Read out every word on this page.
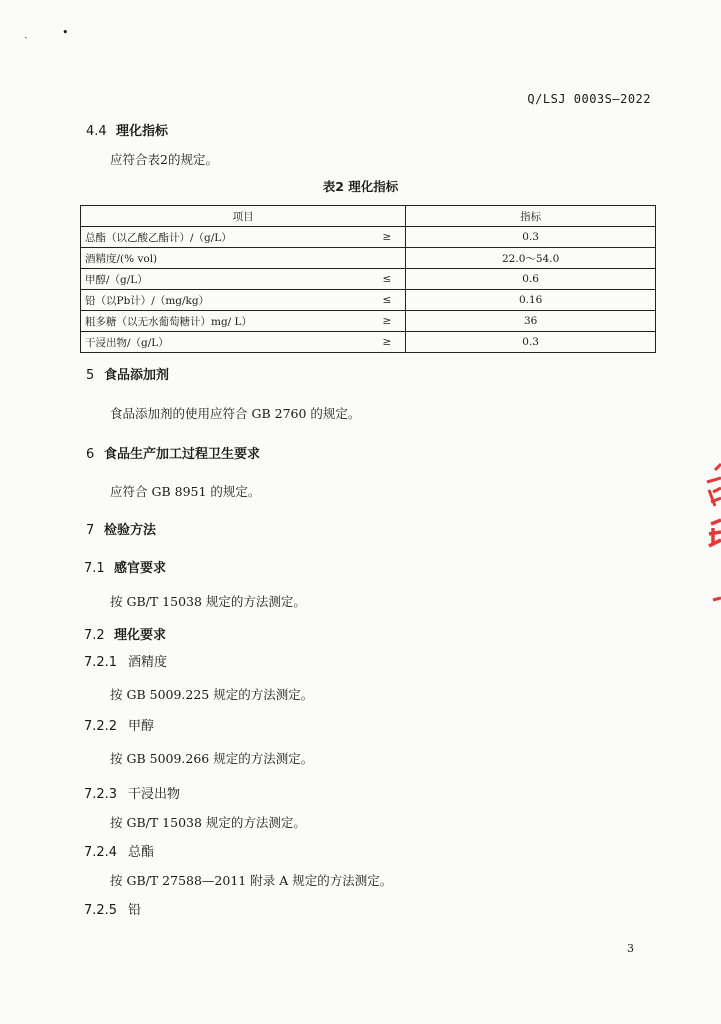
ˎ	•
Q/LSJ 0003S—2022
4.4 理化指标
应符合表2的规定。
表2 理化指标
项目		指标
总酯（以乙酸乙酯计）/（g/L）	≥	0.3
酒精度/(% vol)		22.0〜54.0
甲醇/（g/L）	≤	0.6
铅（以Pb计）/（mg/kg）	≤	0.16
粗多糖（以无水葡萄糖计）mg/ L）	≥	36
干浸出物/（g/L）	≥	0.3
5 食品添加剂
食品添加剂的使用应符合 GB 2760 的规定。
6 食品生产加工过程卫生要求
应符合 GB 8951 的规定。
7 检验方法
7.1 感官要求
按 GB/T 15038 规定的方法测定。
7.2 理化要求
7.2.1 酒精度
按 GB 5009.225 规定的方法测定。
7.2.2 甲醇
按 GB 5009.266 规定的方法测定。
7.2.3 干浸出物
按 GB/T 15038 规定的方法测定。
7.2.4 总酯
按 GB/T 27588—2011 附录 A 规定的方法测定。
7.2.5 铅
3
